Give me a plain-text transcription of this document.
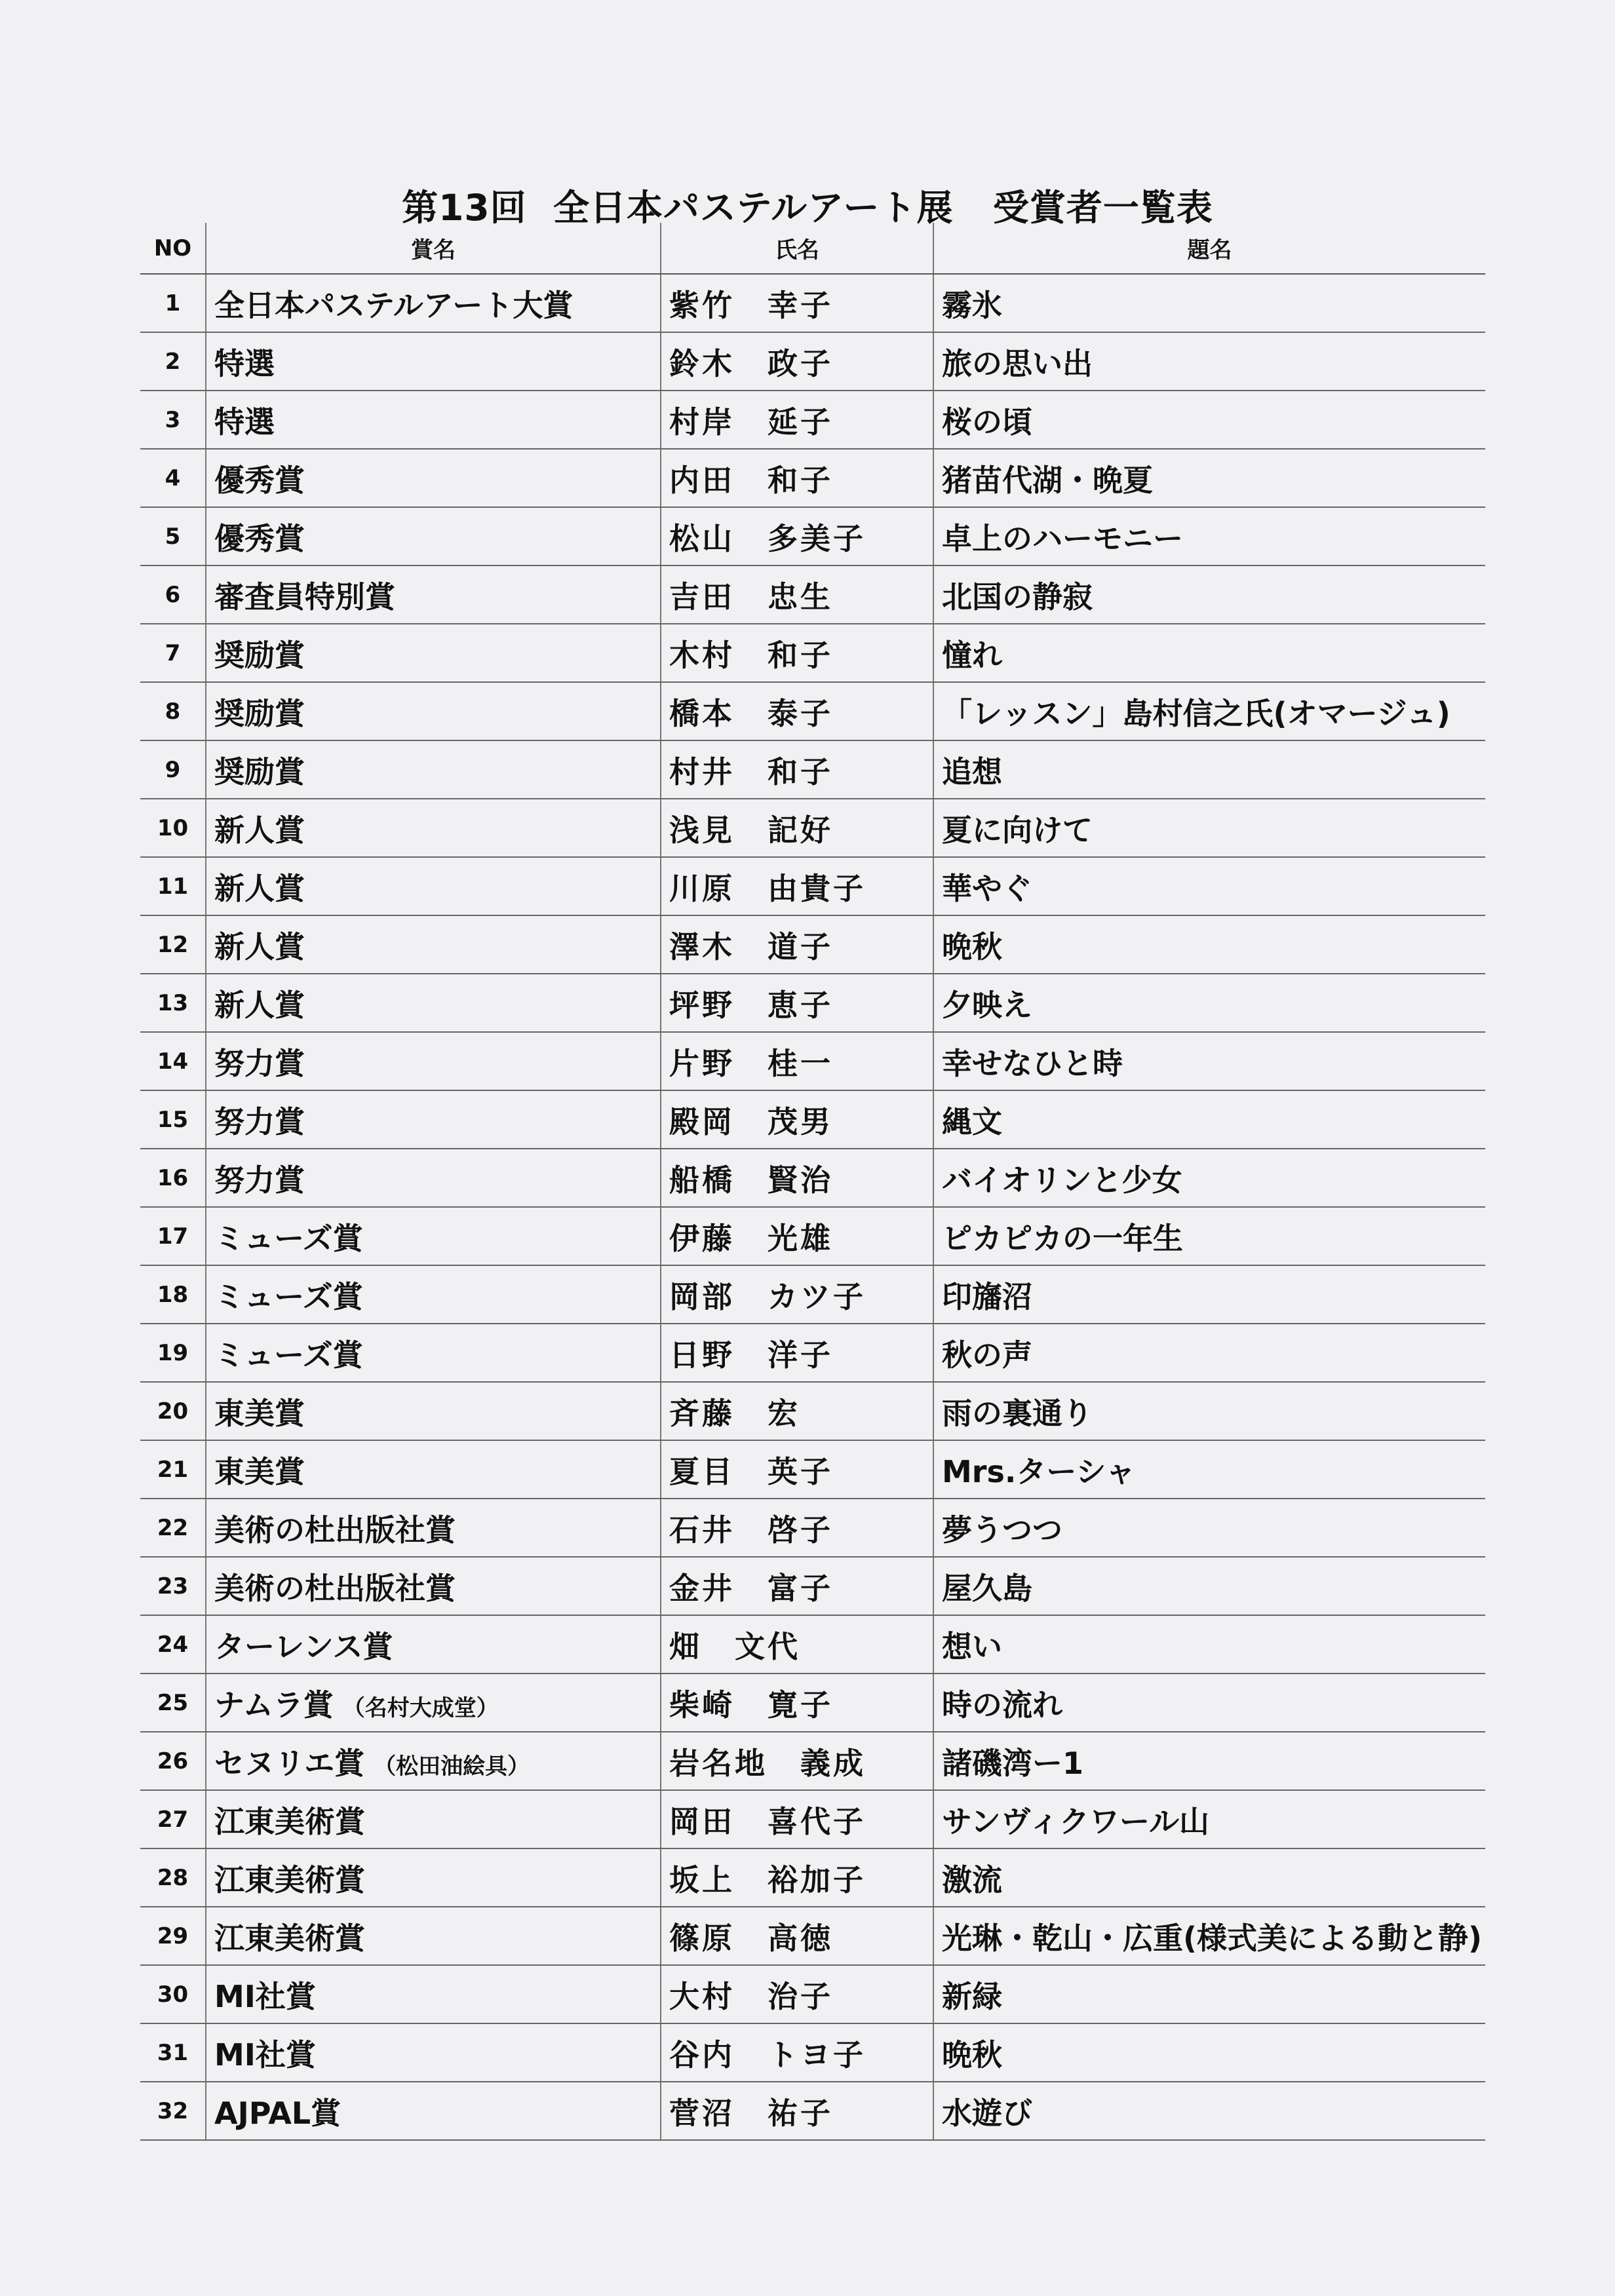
第13回  全日本パステルアート展   受賞者一覧表
NO	賞名	氏名	題名
1	全日本パステルアート大賞	紫竹　幸子	霧氷
2	特選	鈴木　政子	旅の思い出
3	特選	村岸　延子	桜の頃
4	優秀賞	内田　和子	猪苗代湖・晩夏
5	優秀賞	松山　多美子	卓上のハーモニー
6	審査員特別賞	吉田　忠生	北国の静寂
7	奨励賞	木村　和子	憧れ
8	奨励賞	橋本　泰子	「レッスン」島村信之氏(オマージュ)
9	奨励賞	村井　和子	追想
10	新人賞	浅見　記好	夏に向けて
11	新人賞	川原　由貴子	華やぐ
12	新人賞	澤木　道子	晩秋
13	新人賞	坪野　恵子	夕映え
14	努力賞	片野　桂一	幸せなひと時
15	努力賞	殿岡　茂男	縄文
16	努力賞	船橋　賢治	バイオリンと少女
17	ミューズ賞	伊藤　光雄	ピカピカの一年生
18	ミューズ賞	岡部　カツ子	印旛沼
19	ミューズ賞	日野　洋子	秋の声
20	東美賞	斉藤　宏	雨の裏通り
21	東美賞	夏目　英子	Mrs.ターシャ
22	美術の杜出版社賞	石井　啓子	夢うつつ
23	美術の杜出版社賞	金井　富子	屋久島
24	ターレンス賞	畑　文代	想い
25	ナムラ賞 （名村大成堂）	柴崎　寛子	時の流れ
26	セヌリエ賞 （松田油絵具）	岩名地　義成	諸磯湾ー1
27	江東美術賞	岡田　喜代子	サンヴィクワール山
28	江東美術賞	坂上　裕加子	激流
29	江東美術賞	篠原　高徳	光琳・乾山・広重(様式美による動と静)
30	MI社賞	大村　治子	新緑
31	MI社賞	谷内　トヨ子	晩秋
32	AJPAL賞	菅沼　祐子	水遊び
